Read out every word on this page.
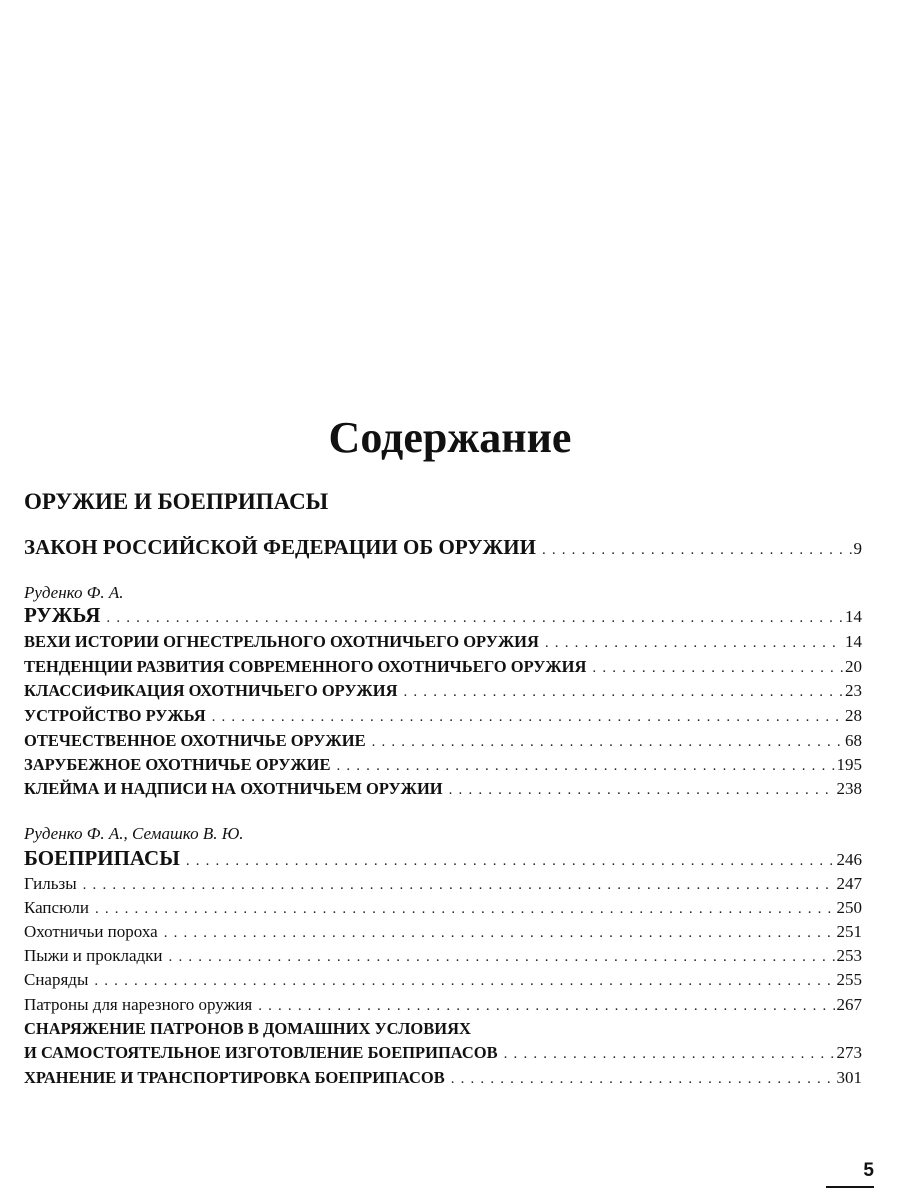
Содержание
ОРУЖИЕ И БОЕПРИПАСЫ
ЗАКОН РОССИЙСКОЙ ФЕДЕРАЦИИ ОБ ОРУЖИИ . . .	9
Руденко Ф. А.
РУЖЬЯ . . .	14
ВЕХИ ИСТОРИИ ОГНЕСТРЕЛЬНОГО ОХОТНИЧЬЕГО ОРУЖИЯ . . .	14
ТЕНДЕНЦИИ РАЗВИТИЯ СОВРЕМЕННОГО ОХОТНИЧЬЕГО ОРУЖИЯ . . .	20
КЛАССИФИКАЦИЯ ОХОТНИЧЬЕГО ОРУЖИЯ . . .	23
УСТРОЙСТВО РУЖЬЯ . . .	28
ОТЕЧЕСТВЕННОЕ ОХОТНИЧЬЕ ОРУЖИЕ . . .	68
ЗАРУБЕЖНОЕ ОХОТНИЧЬЕ ОРУЖИЕ . . .	195
КЛЕЙМА И НАДПИСИ НА ОХОТНИЧЬЕМ ОРУЖИИ . . .	238
Руденко Ф. А., Семашко В. Ю.
БОЕПРИПАСЫ . . .	246
Гильзы . . .	247
Капсюли . . .	250
Охотничьи пороха . . .	251
Пыжи и прокладки . . .	253
Снаряды . . .	255
Патроны для нарезного оружия . . .	267
СНАРЯЖЕНИЕ ПАТРОНОВ В ДОМАШНИХ УСЛОВИЯХ
И САМОСТОЯТЕЛЬНОЕ ИЗГОТОВЛЕНИЕ БОЕПРИПАСОВ . . .	273
ХРАНЕНИЕ И ТРАНСПОРТИРОВКА БОЕПРИПАСОВ . . .	301
5
